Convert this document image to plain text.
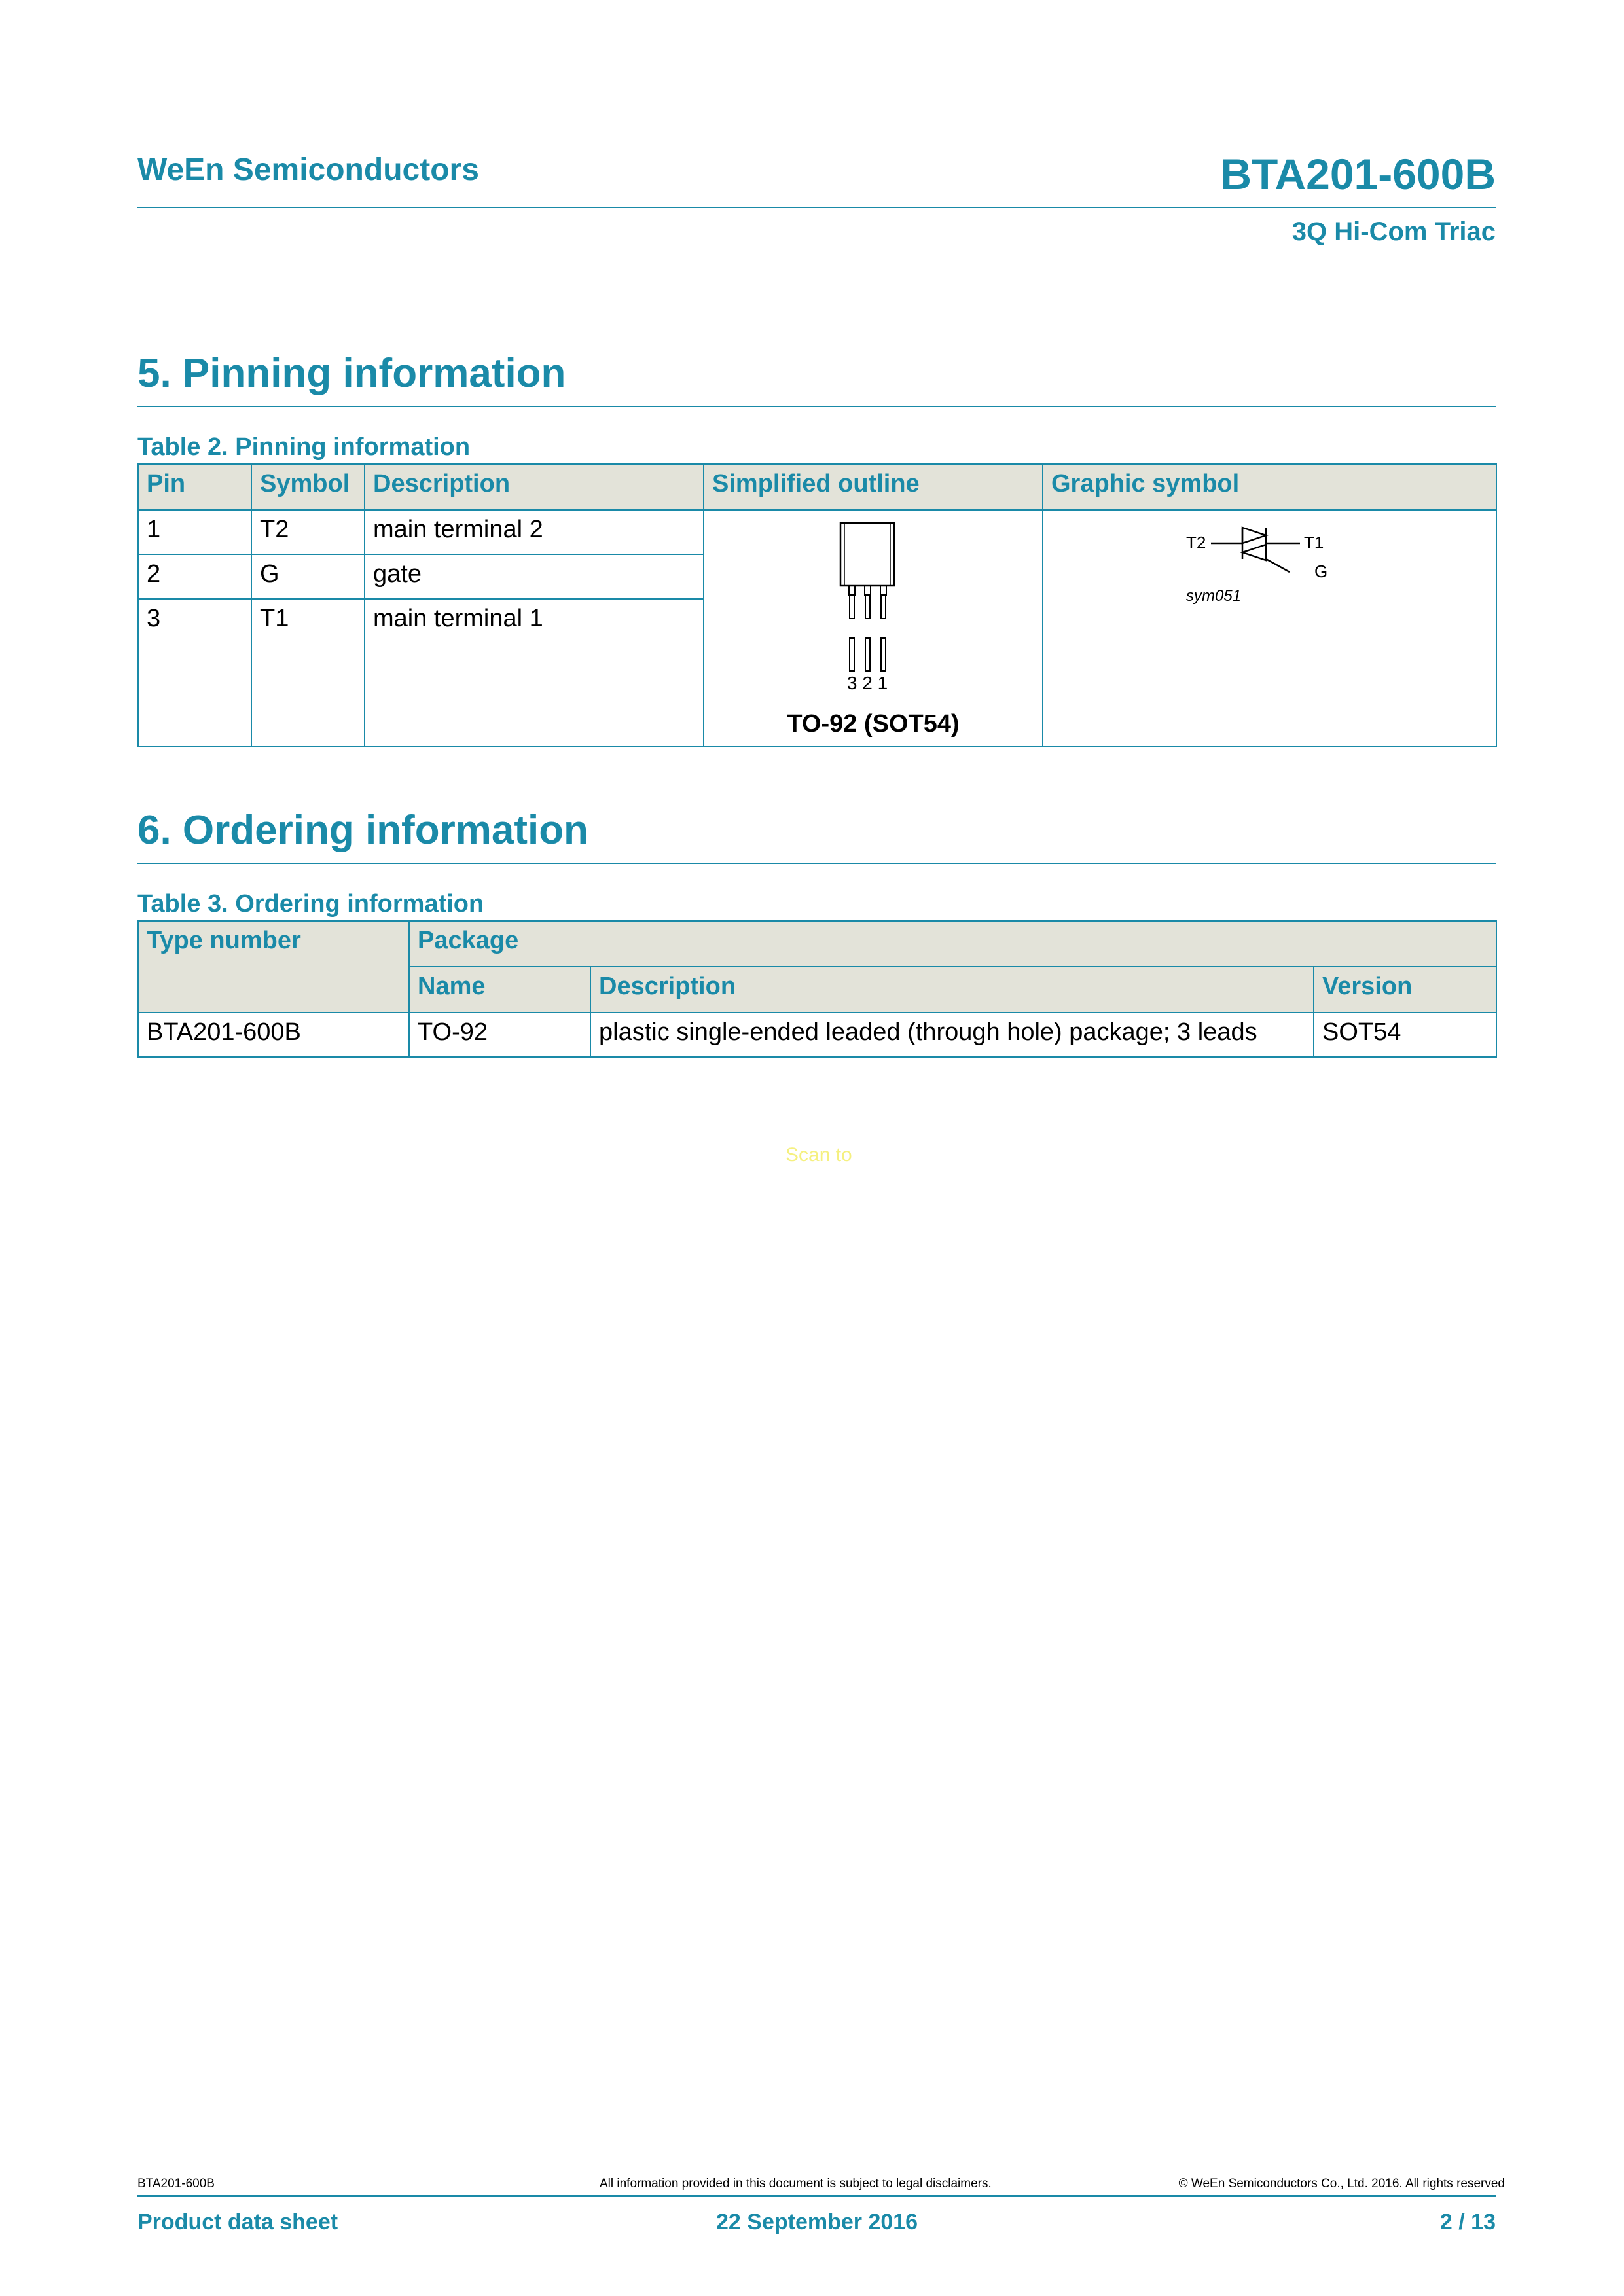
WeEn Semiconductors	BTA201-600B
3Q Hi-Com Triac
5. Pinning information
Table 2. Pinning information
Pin	Symbol	Description	Simplified outline	Graphic symbol
1	T2	main terminal 2	3 2 1
TO-92 (SOT54)	T2 T1
G
sym051

2	G	gate		
3	T1	main terminal 1		
6. Ordering information
Table 3. Ordering information
Type number	Package		
	Name	Description	Version
BTA201-600B	TO-92	plastic single-ended leaded (through hole) package; 3 leads	SOT54
Scan to
BTA201-600B	All information provided in this document is subject to legal disclaimers.	© WeEn Semiconductors Co., Ltd. 2016. All rights reserved
Product data sheet	22 September 2016	2 / 13
